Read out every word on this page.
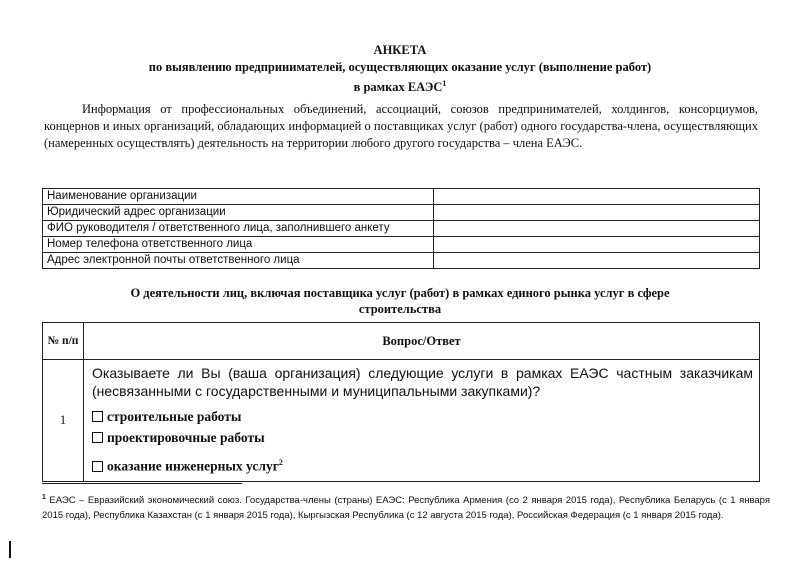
АНКЕТА
по выявлению предпринимателей, осуществляющих оказание услуг (выполнение работ)
в рамках ЕАЭС$^1$
Информация от профессиональных объединений, ассоциаций, союзов предпринимателей, холдингов, консорциумов, концернов и иных организаций, обладающих информацией о поставщиках услуг (работ) одного государства-члена, осуществляющих (намеренных осуществлять) деятельность на территории любого другого государства – члена ЕАЭС.
Наименование организации	
Юридический адрес организации	
ФИО руководителя / ответственного лица, заполнившего анкету	
Номер телефона ответственного лица	
Адрес электронной почты ответственного лица	
О деятельности лиц, включая поставщика услуг (работ) в рамках единого рынка услуг в сфере
строительства
№ п/п	Вопрос/Ответ
1	Оказываете ли Вы (ваша организация) следующие услуги в рамках ЕАЭС частным заказчикам (несвязанными с государственными и муниципальными закупками)?
строительные работы
проектировочные работы
оказание инженерных услуг$^2$
$^1$ ЕАЭС – Евразийский экономический союз. Государства-члены (страны) ЕАЭС: Республика Армения (со 2 января 2015 года), Республика Беларусь (с 1 января 2015 года), Республика Казахстан (с 1 января 2015 года), Кыргызская Республика (с 12 августа 2015 года), Российская Федерация (с 1 января 2015 года).
